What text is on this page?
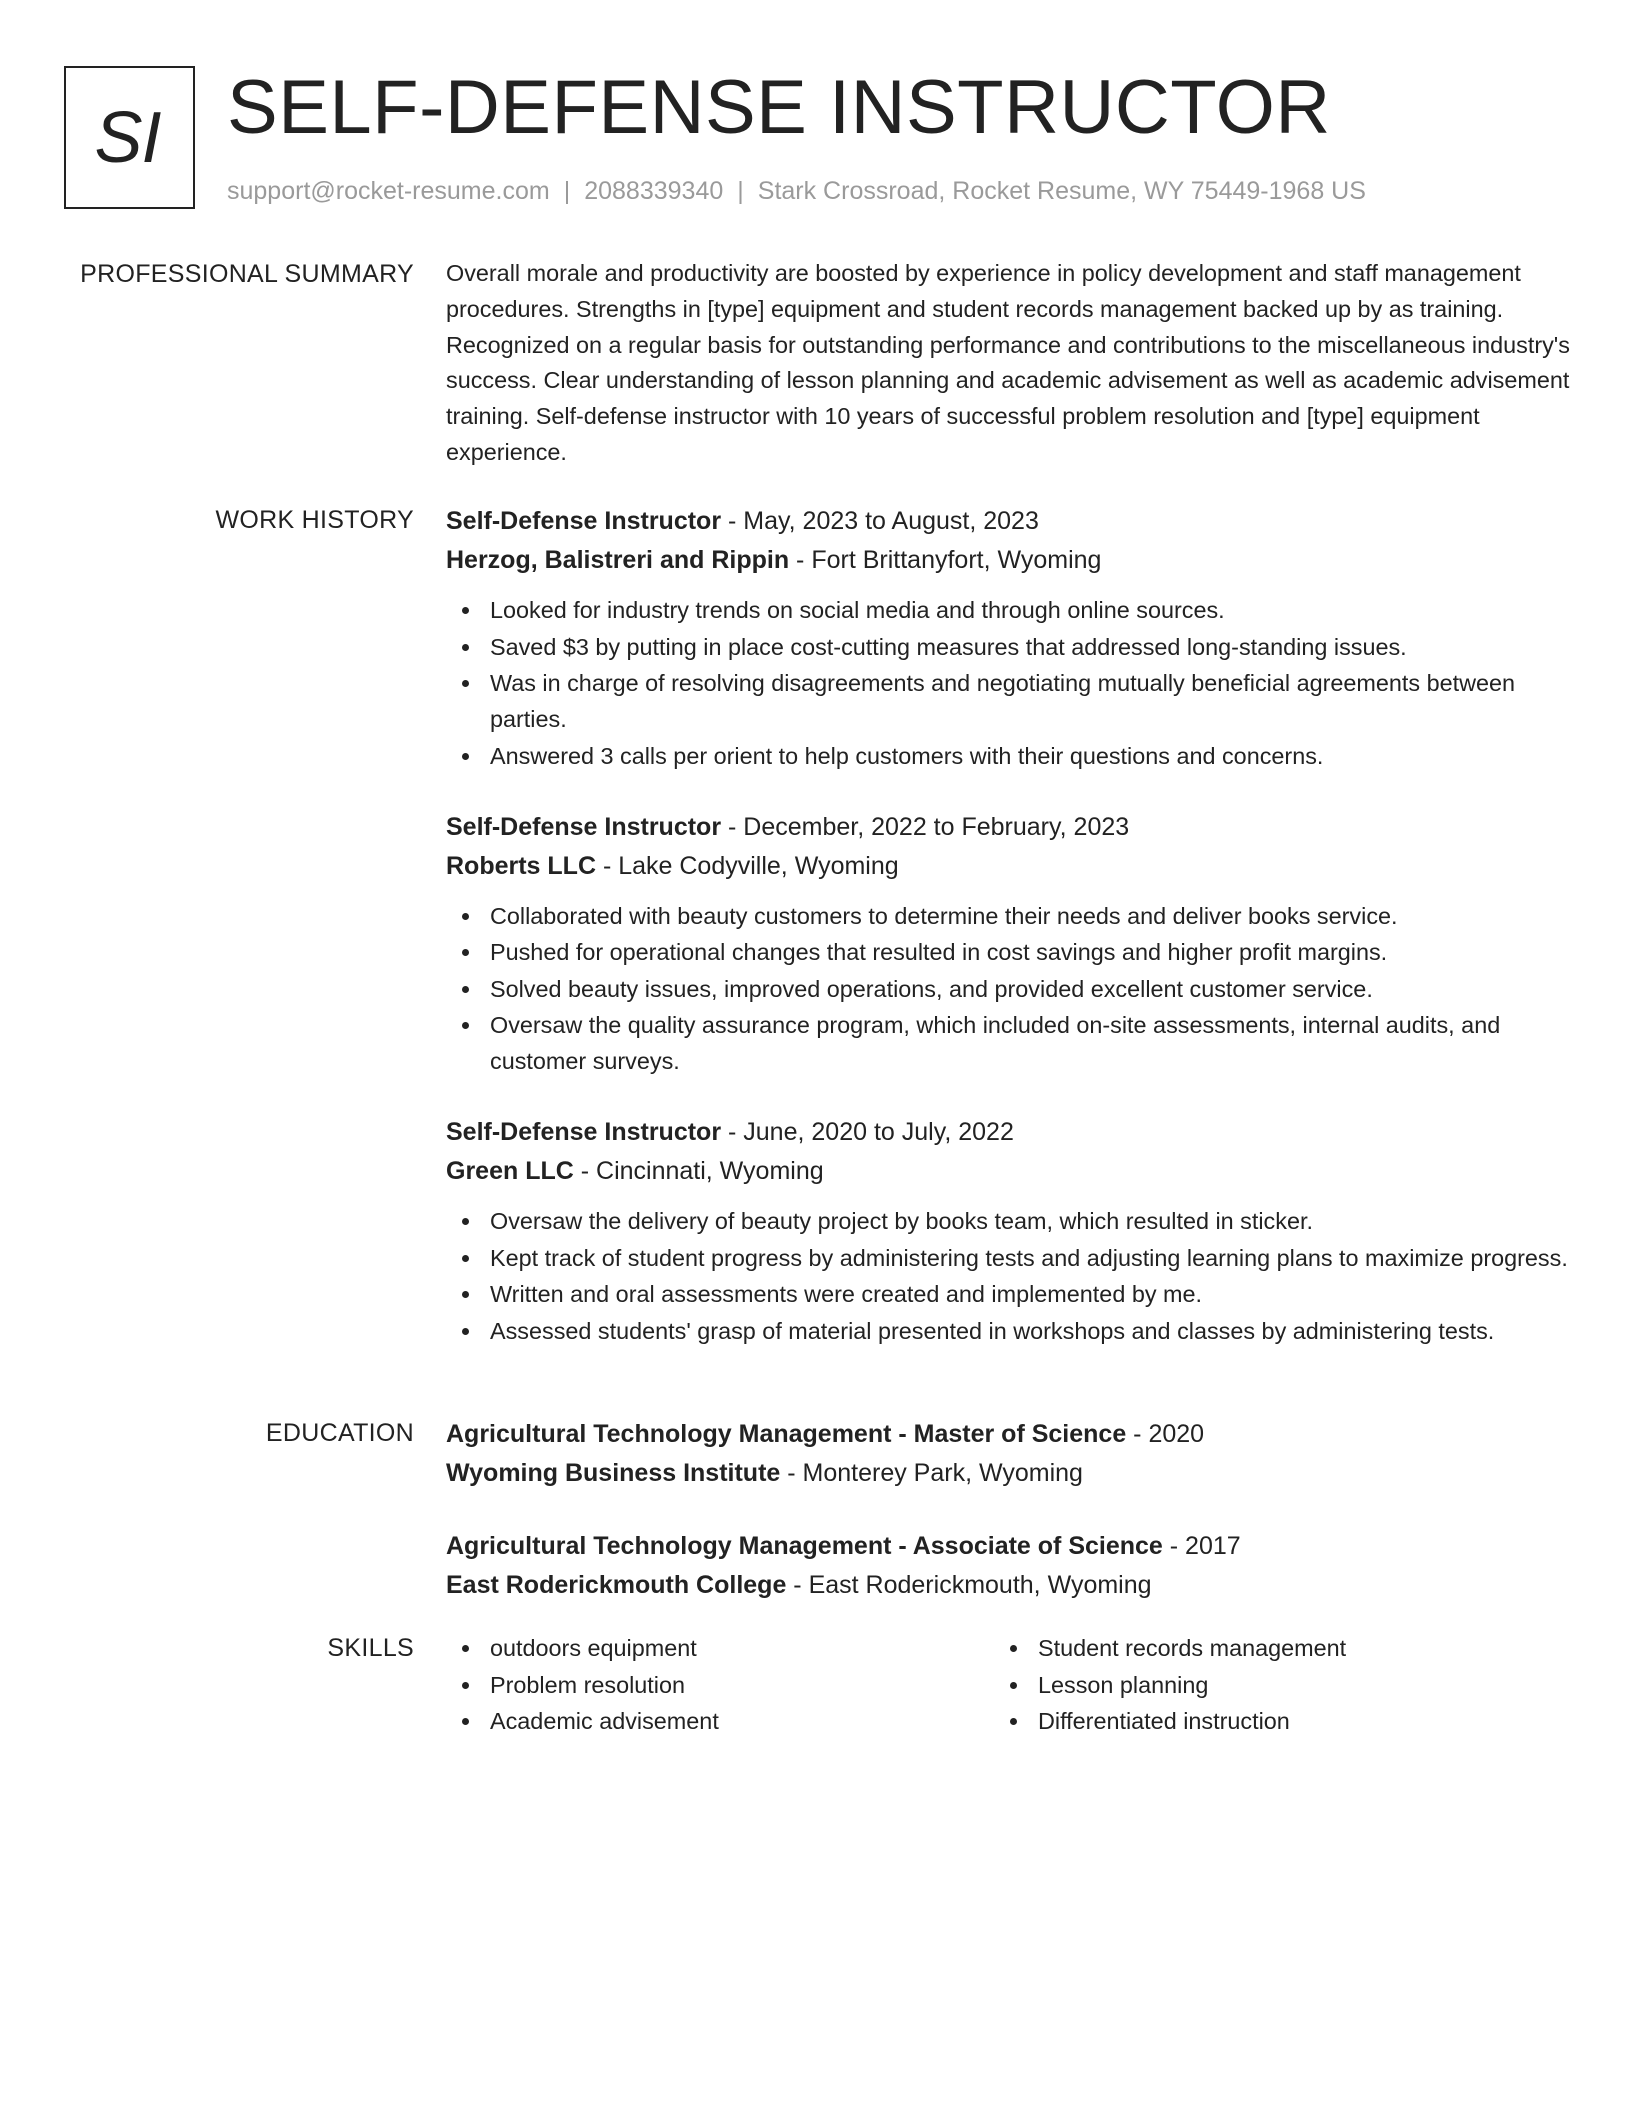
SI SELF-DEFENSE INSTRUCTOR
support@rocket-resume.com | 2088339340 | Stark Crossroad, Rocket Resume, WY 75449-1968 US
PROFESSIONAL SUMMARY Overall morale and productivity are boosted by experience in policy development and staff management procedures. Strengths in [type] equipment and student records management backed up by as training. Recognized on a regular basis for outstanding performance and contributions to the miscellaneous industry's success. Clear understanding of lesson planning and academic advisement as well as academic advisement training. Self-defense instructor with 10 years of successful problem resolution and [type] equipment experience.
WORK HISTORY Self-Defense Instructor - May, 2023 to August, 2023
Herzog, Balistreri and Rippin - Fort Brittanyfort, Wyoming
Looked for industry trends on social media and through online sources.
Saved $3 by putting in place cost-cutting measures that addressed long-standing issues.
Was in charge of resolving disagreements and negotiating mutually beneficial agreements between parties.
Answered 3 calls per orient to help customers with their questions and concerns.
Self-Defense Instructor - December, 2022 to February, 2023
Roberts LLC - Lake Codyville, Wyoming
Collaborated with beauty customers to determine their needs and deliver books service.
Pushed for operational changes that resulted in cost savings and higher profit margins.
Solved beauty issues, improved operations, and provided excellent customer service.
Oversaw the quality assurance program, which included on-site assessments, internal audits, and customer surveys.
Self-Defense Instructor - June, 2020 to July, 2022
Green LLC - Cincinnati, Wyoming
Oversaw the delivery of beauty project by books team, which resulted in sticker.
Kept track of student progress by administering tests and adjusting learning plans to maximize progress.
Written and oral assessments were created and implemented by me.
Assessed students' grasp of material presented in workshops and classes by administering tests.
EDUCATION Agricultural Technology Management - Master of Science - 2020
Wyoming Business Institute - Monterey Park, Wyoming
Agricultural Technology Management - Associate of Science - 2017
East Roderickmouth College - East Roderickmouth, Wyoming
SKILLS	outdoors equipment
Problem resolution
Academic advisement
Student records management
Lesson planning
Differentiated instruction
